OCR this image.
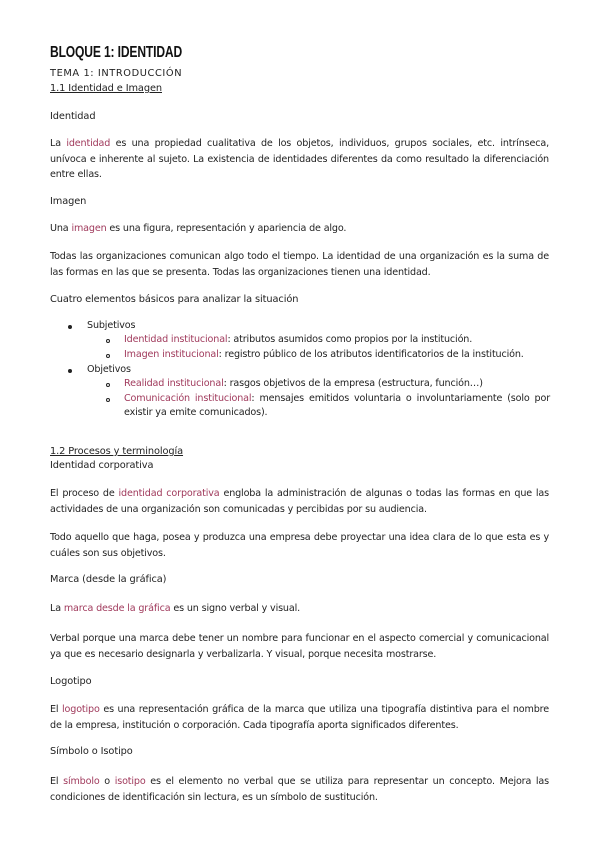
BLOQUE 1: IDENTIDAD
TEMA 1: INTRODUCCIÓN
1.1 Identidad e Imagen
Identidad
La identidad es una propiedad cualitativa de los objetos, individuos, grupos sociales, etc. intrínseca, unívoca e inherente al sujeto. La existencia de identidades diferentes da como resultado la diferenciación entre ellas.
Imagen
Una imagen es una figura, representación y apariencia de algo.
Todas las organizaciones comunican algo todo el tiempo. La identidad de una organización es la suma de las formas en las que se presenta. Todas las organizaciones tienen una identidad.
Cuatro elementos básicos para analizar la situación
Subjetivos
Identidad institucional: atributos asumidos como propios por la institución.
Imagen institucional: registro público de los atributos identificatorios de la institución.
Objetivos
Realidad institucional: rasgos objetivos de la empresa (estructura, función…)
Comunicación institucional: mensajes emitidos voluntaria o involuntariamente (solo por existir ya emite comunicados).
1.2 Procesos y terminología
Identidad corporativa
El proceso de identidad corporativa engloba la administración de algunas o todas las formas en que las actividades de una organización son comunicadas y percibidas por su audiencia.
Todo aquello que haga, posea y produzca una empresa debe proyectar una idea clara de lo que esta es y cuáles son sus objetivos.
Marca (desde la gráfica)
La marca desde la gráfica es un signo verbal y visual.
Verbal porque una marca debe tener un nombre para funcionar en el aspecto comercial y comunicacional ya que es necesario designarla y verbalizarla. Y visual, porque necesita mostrarse.
Logotipo
El logotipo es una representación gráfica de la marca que utiliza una tipografía distintiva para el nombre de la empresa, institución o corporación. Cada tipografía aporta significados diferentes.
Símbolo o Isotipo
El símbolo o isotipo es el elemento no verbal que se utiliza para representar un concepto. Mejora las condiciones de identificación sin lectura, es un símbolo de sustitución.
